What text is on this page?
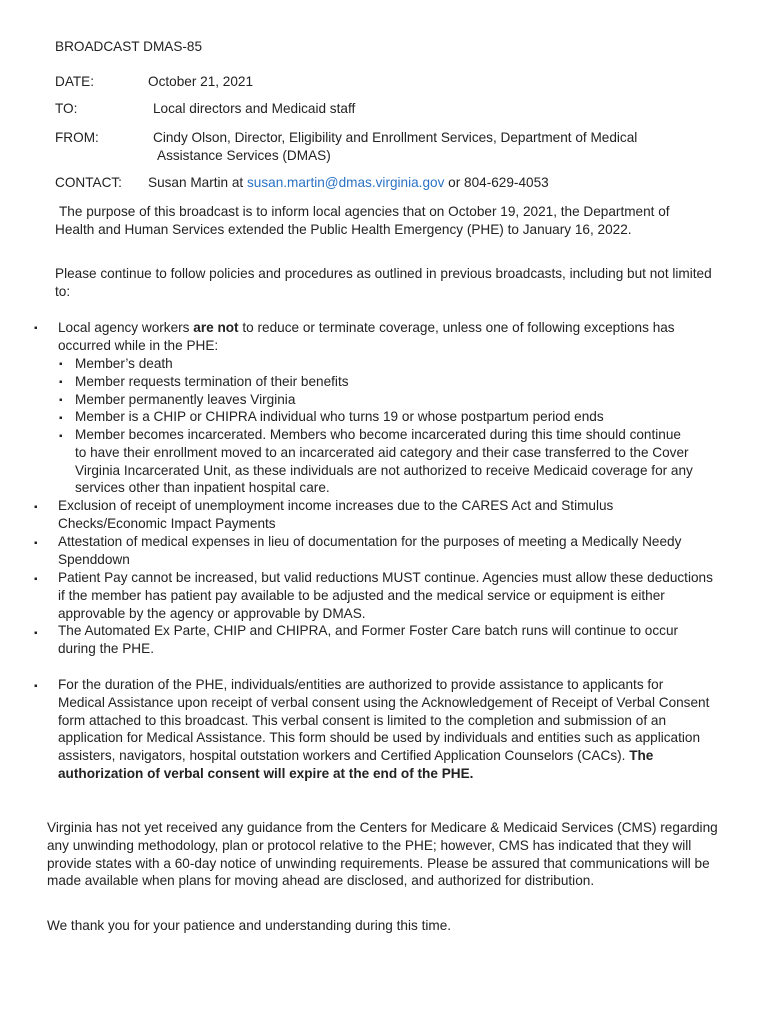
BROADCAST DMAS-85
DATE:	October 21, 2021
TO:	Local directors and Medicaid staff
FROM:	Cindy Olson, Director, Eligibility and Enrollment Services, Department of Medical
Assistance Services (DMAS)
CONTACT: Susan Martin at susan.martin@dmas.virginia.gov or 804-629-4053
The purpose of this broadcast is to inform local agencies that on October 19, 2021, the Department of Health and Human Services extended the Public Health Emergency (PHE) to January 16, 2022.
Please continue to follow policies and procedures as outlined in previous broadcasts, including but not limited to:
▪ Local agency workers are not to reduce or terminate coverage, unless one of following exceptions has occurred while in the PHE:
▪ Member’s death
▪ Member requests termination of their benefits
▪ Member permanently leaves Virginia
▪ Member is a CHIP or CHIPRA individual who turns 19 or whose postpartum period ends
▪ Member becomes incarcerated. Members who become incarcerated during this time should continue to have their enrollment moved to an incarcerated aid category and their case transferred to the Cover Virginia Incarcerated Unit, as these individuals are not authorized to receive Medicaid coverage for any services other than inpatient hospital care.
▪ Exclusion of receipt of unemployment income increases due to the CARES Act and Stimulus Checks/Economic Impact Payments
▪ Attestation of medical expenses in lieu of documentation for the purposes of meeting a Medically Needy Spenddown
▪ Patient Pay cannot be increased, but valid reductions MUST continue. Agencies must allow these deductions if the member has patient pay available to be adjusted and the medical service or equipment is either approvable by the agency or approvable by DMAS.
▪ The Automated Ex Parte, CHIP and CHIPRA, and Former Foster Care batch runs will continue to occur during the PHE.
▪ For the duration of the PHE, individuals/entities are authorized to provide assistance to applicants for Medical Assistance upon receipt of verbal consent using the Acknowledgement of Receipt of Verbal Consent form attached to this broadcast. This verbal consent is limited to the completion and submission of an application for Medical Assistance. This form should be used by individuals and entities such as application assisters, navigators, hospital outstation workers and Certified Application Counselors (CACs). The authorization of verbal consent will expire at the end of the PHE.
Virginia has not yet received any guidance from the Centers for Medicare & Medicaid Services (CMS) regarding any unwinding methodology, plan or protocol relative to the PHE; however, CMS has indicated that they will provide states with a 60-day notice of unwinding requirements. Please be assured that communications will be made available when plans for moving ahead are disclosed, and authorized for distribution.
We thank you for your patience and understanding during this time.
